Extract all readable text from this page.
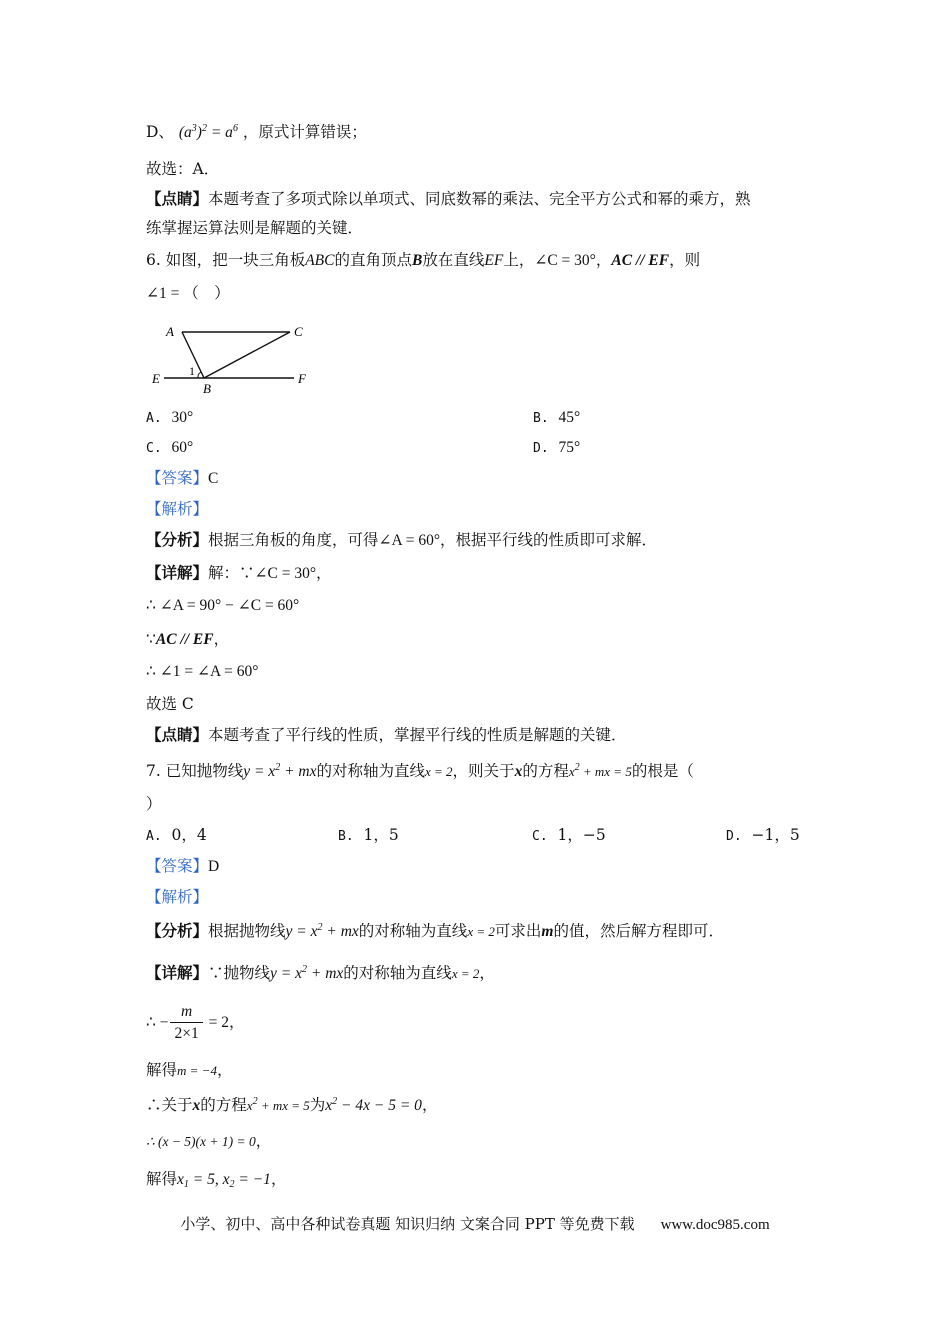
D、 $(a^3)^2 = a^6$ ，原式计算错误；
故选：A．
【点睛】本题考查了多项式除以单项式、同底数幂的乘法、完全平方公式和幂的乘方，熟
练掌握运算法则是解题的关键．
6. 如图，把一块三角板ABC的直角顶点B放在直线EF上，∠C = 30°，AC // EF，则
∠1 = （　）
A	C
E	F
B
1
A. 30°	B. 45°
C. 60°	D. 75°
【答案】C
【解析】
【分析】根据三角板的角度，可得∠A = 60°，根据平行线的性质即可求解．
【详解】解：∵∠C = 30°，
∴ ∠A = 90° − ∠C = 60°
∵AC // EF，
∴ ∠1 = ∠A = 60°
故选 C
【点睛】本题考查了平行线的性质，掌握平行线的性质是解题的关键．
7. 已知抛物线$y = x^2$ + mx的对称轴为直线x = 2，则关于x的方程$x^2$ + mx = 5的根是（
）
A. 0，4	B. 1，5	C. 1，−5	D. −1，5
【答案】D
【解析】
【分析】根据抛物线$y = x^2$ + mx的对称轴为直线x = 2可求出m的值，然后解方程即可．
【详解】∵抛物线$y = x^2$ + mx的对称轴为直线x = 2，
∴ − $\frac{m}{2\times 1} = 2$，
解得m = −4，
∴关于x的方程$x^2$ + mx = 5为$x^2 - 4x - 5 = 0$，
∴ (x − 5)(x + 1) = 0，
解得$x_1 = 5$, $x_2 = -1$，
小学、初中、高中各种试卷真题 知识归纳 文案合同 PPT 等免费下载 www.doc985.com
